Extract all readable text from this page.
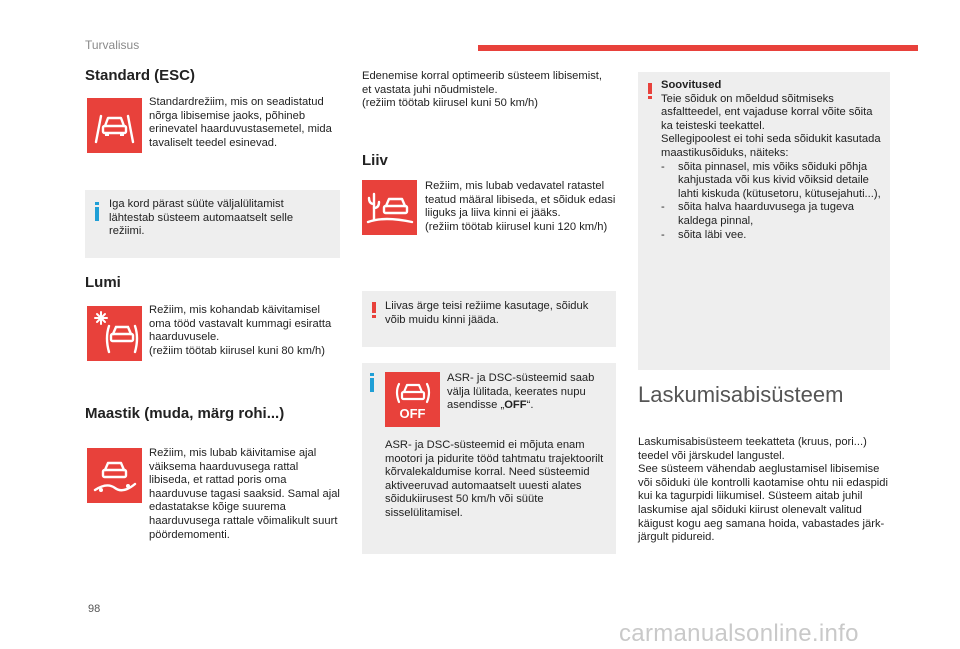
Turvalisus
Standard (ESC)
Standardrežiim, mis on seadistatud nõrga libisemise jaoks, põhineb erinevatel haarduvustasemetel, mida tavaliselt teedel esinevad.
Iga kord pärast süüte väljalülitamist lähtestab süsteem automaatselt selle režiimi.
Lumi
Režiim, mis kohandab käivitamisel oma tööd vastavalt kummagi esiratta haarduvusele.
(režiim töötab kiirusel kuni 80 km/h)
Maastik (muda, märg rohi...)
Režiim, mis lubab käivitamise ajal väiksema haarduvusega rattal libiseda, et rattad poris oma haarduvuse tagasi saaksid. Samal ajal edastatakse kõige suurema haarduvusega rattale võimalikult suurt pöördemomenti.
Edenemise korral optimeerib süsteem libisemist, et vastata juhi nõudmistele.
(režiim töötab kiirusel kuni 50 km/h)
Liiv
Režiim, mis lubab vedavatel ratastel teatud määral libiseda, et sõiduk edasi liiguks ja liiva kinni ei jääks.
(režiim töötab kiirusel kuni 120 km/h)
Liivas ärge teisi režiime kasutage, sõiduk võib muidu kinni jääda.
OFF
ASR- ja DSC-süsteemid saab välja lülitada, keerates nupu asendisse „OFF“.
ASR- ja DSC-süsteemid ei mõjuta enam mootori ja pidurite tööd tahtmatu trajektoorilt kõrvalekaldumise korral. Need süsteemid aktiveeruvad automaatselt uuesti alates sõidukiirusest 50 km/h või süüte sisselülitamisel.
Soovitused
Teie sõiduk on mõeldud sõitmiseks asfaltteedel, ent vajaduse korral võite sõita ka teisteski teekattel.
Sellegipoolest ei tohi seda sõidukit kasutada maastikusõiduks, näiteks:
- sõita pinnasel, mis võiks sõiduki põhja kahjustada või kus kivid võiksid detaile lahti kiskuda (kütusetoru, kütusejahuti...),
- sõita halva haarduvusega ja tugeva kaldega pinnal,
- sõita läbi vee.
Laskumisabisüsteem
Laskumisabisüsteem teekatteta (kruus, pori...) teedel või järskudel langustel.
See süsteem vähendab aeglustamisel libisemise või sõiduki üle kontrolli kaotamise ohtu nii edaspidi kui ka tagurpidi liikumisel. Süsteem aitab juhil laskumise ajal sõiduki kiirust olenevalt valitud käigust kogu aeg samana hoida, vabastades järk-järgult pidureid.
98
carmanualsonline.info
